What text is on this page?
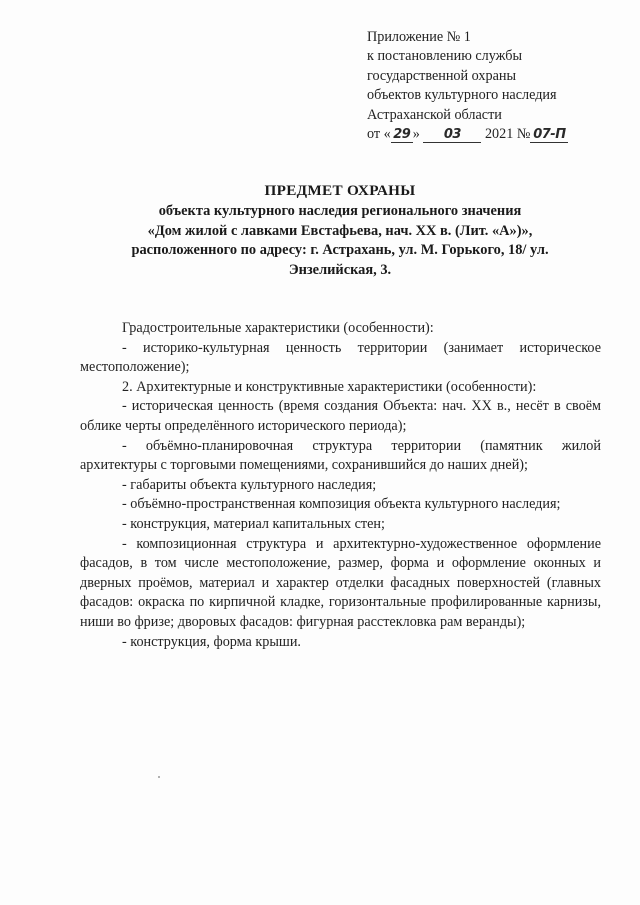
Приложение № 1
к постановлению службы
государственной охраны
объектов культурного наследия
Астраханской области
от « 29 » 03 2021 № 07-П
ПРЕДМЕТ ОХРАНЫ
объекта культурного наследия регионального значения
«Дом жилой с лавками Евстафьева, нач. XX в. (Лит. «А»)»,
расположенного по адресу: г. Астрахань, ул. М. Горького, 18/ ул.
Энзелийская, 3.

Градостроительные характеристики (особенности):

- историко-культурная ценность территории (занимает историческое местоположение);

2. Архитектурные и конструктивные характеристики (особенности):

- историческая ценность (время создания Объекта: нач. XX в., несёт в своём облике черты определённого исторического периода);

- объёмно-планировочная структура территории (памятник жилой архитектуры с торговыми помещениями, сохранившийся до наших дней);

- габариты объекта культурного наследия;

- объёмно-пространственная композиция объекта культурного наследия;

- конструкция, материал капитальных стен;

- композиционная структура и архитектурно-художественное оформление фасадов, в том числе местоположение, размер, форма и оформление оконных и дверных проёмов, материал и характер отделки фасадных поверхностей (главных фасадов: окраска по кирпичной кладке, горизонтальные профилированные карнизы, ниши во фризе; дворовых фасадов: фигурная расстекловка рам веранды);

- конструкция, форма крыши.
